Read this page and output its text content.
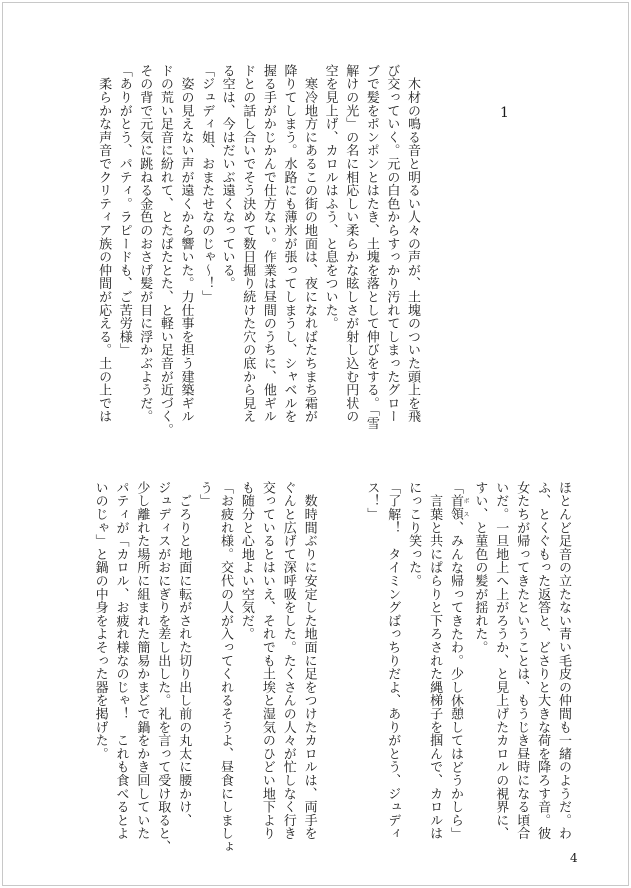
1
　木材の鳴る音と明るい人々の声が、土塊のついた頭上を飛
び交っていく。元の白色からすっかり汚れてしまったグロー
ブで髪をポンポンとはたき、土塊を落として伸びをする。「雪
解けの光」の名に相応しい柔らかな眩しさが射し込む円状の
空を見上げ、カロルはふう、と息をついた。
　寒冷地方にあるこの街の地面は、夜になればたちまち霜が
降りてしまう。水路にも薄氷が張ってしまうし、シャベルを
握る手がかじかんで仕方ない。作業は昼間のうちに、他ギル
ドとの話し合いでそう決めて数日掘り続けた穴の底から見え
る空は、今はだいぶ遠くなっている。
「ジュディ姐、おまたせなのじゃ〜！」
　姿の見えない声が遠くから響いた。力仕事を担う建築ギル
ドの荒い足音に紛れて、とたぱたとた、と軽い足音が近づく。
その背で元気に跳ねる金色のおさげ髪が目に浮かぶようだ。
「ありがとう、パティ。ラピードも、ご苦労様」
　柔らかな声音でクリティア族の仲間が応える。土の上では
ほとんど足音の立たない青い毛皮の仲間も一緒のようだ。わ
ふ、とくぐもった返答と、どさりと大きな荷を降ろす音。彼
女たちが帰ってきたということは、もうじき昼時になる頃合
いだ。一旦地上へ上がろうか、と見上げたカロルの視界に、
すい、と菫色の髪が揺れた。
「首領 ボス、みんな帰ってきたわ。少し休憩してはどうかしら」
　言葉と共にぱらりと下ろされた縄梯子を掴んで、カロルは
にっこり笑った。
「了解！　タイミングばっちりだよ、ありがとう、ジュディ
ス！」

　数時間ぶりに安定した地面に足をつけたカロルは、両手を
ぐんと広げて深呼吸をした。たくさんの人々が忙しなく行き
交っているとはいえ、それでも土埃と湿気のひどい地下より
も随分と心地よい空気だ。
「お疲れ様。交代の人が入ってくれるそうよ、昼食にしましょ
う」
　ごろりと地面に転がされた切り出し前の丸太に腰かけ、
ジュディスがおにぎりを差し出した。礼を言って受け取ると、
少し離れた場所に組まれた簡易かまどで鍋をかき回していた
パティが「カロル、お疲れ様なのじゃ！　これも食べるとよ
いのじゃ」と鍋の中身をよそった器を掲げた。
4
